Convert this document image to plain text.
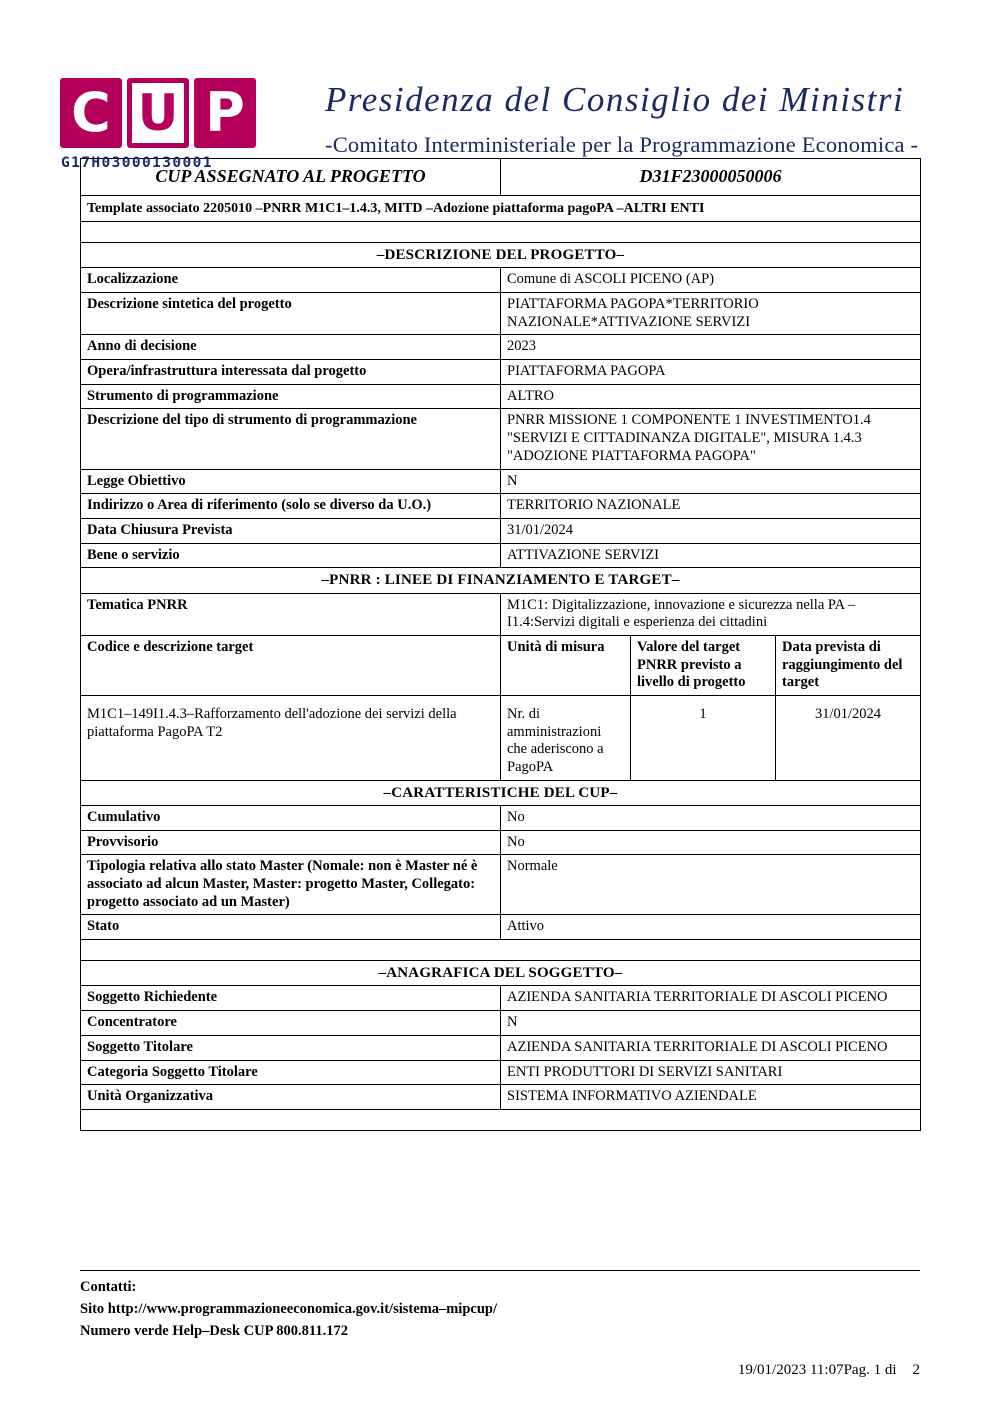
C U P
G17H03000130001
Presidenza del Consiglio dei Ministri
-Comitato Interministeriale per la Programmazione Economica -
CUP ASSEGNATO AL PROGETTO	D31F23000050006		
Template associato 2205010 –PNRR M1C1–1.4.3, MITD –Adozione piattaforma pagoPA –ALTRI ENTI			

–DESCRIZIONE DEL PROGETTO–			
Localizzazione	Comune di ASCOLI PICENO (AP)		
Descrizione sintetica del progetto	PIATTAFORMA PAGOPA*TERRITORIO NAZIONALE*ATTIVAZIONE SERVIZI		
Anno di decisione	2023		
Opera/infrastruttura interessata dal progetto	PIATTAFORMA PAGOPA		
Strumento di programmazione	ALTRO		
Descrizione del tipo di strumento di programmazione	PNRR MISSIONE 1 COMPONENTE 1 INVESTIMENTO1.4 "SERVIZI E CITTADINANZA DIGITALE", MISURA 1.4.3 "ADOZIONE PIATTAFORMA PAGOPA"		
Legge Obiettivo	N		
Indirizzo o Area di riferimento (solo se diverso da U.O.)	TERRITORIO NAZIONALE		
Data Chiusura Prevista	31/01/2024		
Bene o servizio	ATTIVAZIONE SERVIZI		
–PNRR : LINEE DI FINANZIAMENTO E TARGET–			
Tematica PNRR	M1C1: Digitalizzazione, innovazione e sicurezza nella PA – I1.4:Servizi digitali e esperienza dei cittadini		
Codice e descrizione target	Unità di misura	Valore del target PNRR previsto a livello di progetto	Data prevista di raggiungimento del target
M1C1–149I1.4.3–Rafforzamento dell'adozione dei servizi della piattaforma PagoPA T2	Nr. di amministrazioni che aderiscono a PagoPA	1	31/01/2024
–CARATTERISTICHE DEL CUP–			
Cumulativo	No		
Provvisorio	No		
Tipologia relativa allo stato Master (Nomale: non è Master né è associato ad alcun Master, Master: progetto Master, Collegato: progetto associato ad un Master)	Normale		
Stato	Attivo		

–ANAGRAFICA DEL SOGGETTO–			
Soggetto Richiedente	AZIENDA SANITARIA TERRITORIALE DI ASCOLI PICENO		
Concentratore	N		
Soggetto Titolare	AZIENDA SANITARIA TERRITORIALE DI ASCOLI PICENO		
Categoria Soggetto Titolare	ENTI PRODUTTORI DI SERVIZI SANITARI		
Unità Organizzativa	SISTEMA INFORMATIVO AZIENDALE		

Contatti:
Sito http://www.programmazioneeconomica.gov.it/sistema–mipcup/
Numero verde Help–Desk CUP 800.811.172
19/01/2023 11:07Pag. 1 di 2
